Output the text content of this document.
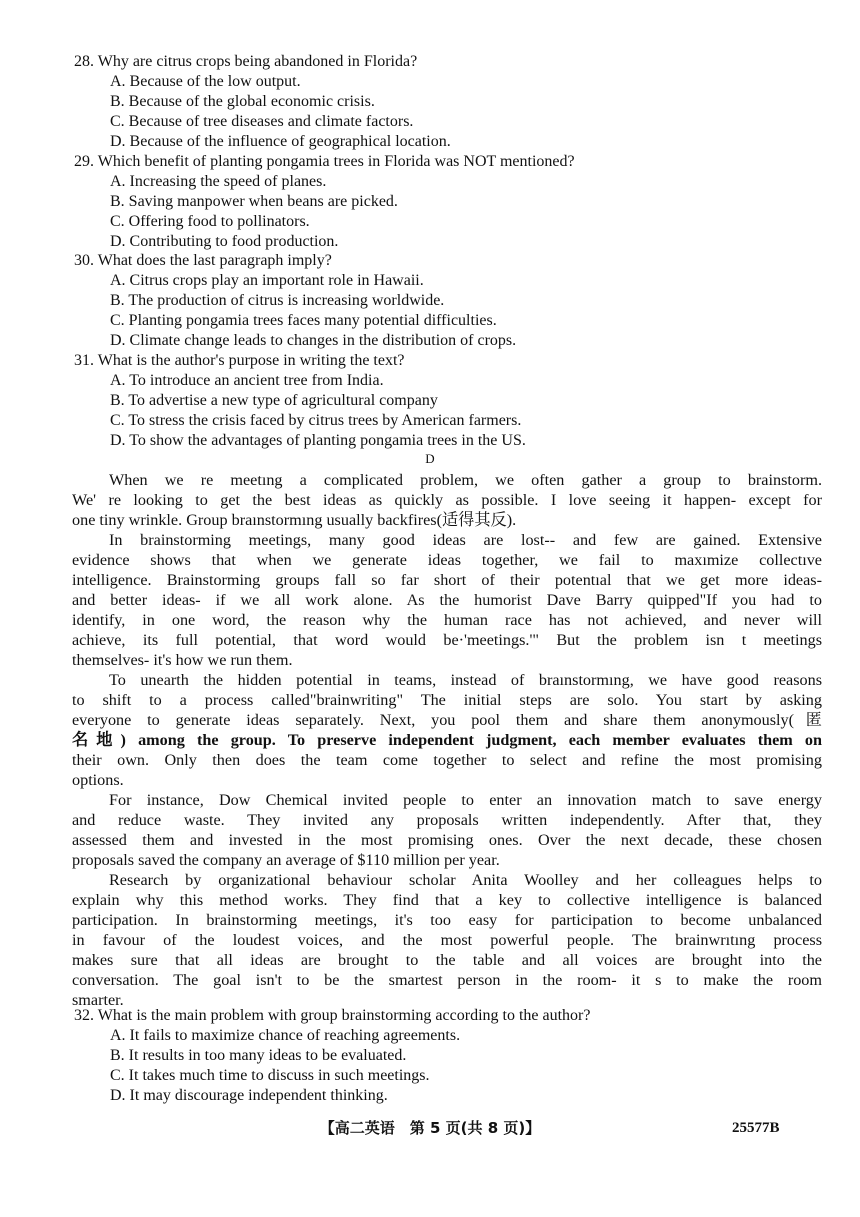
28. Why are citrus crops being abandoned in Florida?
A. Because of the low output.
B. Because of the global economic crisis.
C. Because of tree diseases and climate factors.
D. Because of the influence of geographical location.
29. Which benefit of planting pongamia trees in Florida was NOT mentioned?
A. Increasing the speed of planes.
B. Saving manpower when beans are picked.
C. Offering food to pollinators.
D. Contributing to food production.
30. What does the last paragraph imply?
A. Citrus crops play an important role in Hawaii.
B. The production of citrus is increasing worldwide.
C. Planting pongamia trees faces many potential difficulties.
D. Climate change leads to changes in the distribution of crops.
31. What is the author's purpose in writing the text?
A. To introduce an ancient tree from India.
B. To advertise a new type of agricultural company
C. To stress the crisis faced by citrus trees by American farmers.
D. To show the advantages of planting pongamia trees in the US.
D
When we re meetıng a complicated problem, we often gather a group to brainstorm.
We' re looking to get the best ideas as quickly as possible. I love seeing it happen- except for
one tiny wrinkle. Group braınstormıng usually backfires(适得其反).
In brainstorming meetings, many good ideas are lost-- and few are gained. Extensive
evidence shows that when we generate ideas together, we fail to maxımize collectıve
intelligence. Brainstorming groups fall so far short of their potentıal that we get more ideas-
and better ideas- if we all work alone. As the humorist Dave Barry quipped"If you had to
identify, in one word, the reason why the human race has not achieved, and never will
achieve, its full potential, that word would be·'meetings.'" But the problem isn t meetings
themselves- it's how we run them.
To unearth the hidden potential in teams, instead of braınstormıng, we have good reasons
to shift to a process called"brainwriting" The initial steps are solo. You start by asking
everyone to generate ideas separately. Next, you pool them and share them anonymously(匿
名地) among the group. To preserve independent judgment, each member evaluates them on
their own. Only then does the team come together to select and refine the most promising
options.
For instance, Dow Chemical invited people to enter an innovation match to save energy
and reduce waste. They invited any proposals written independently. After that, they
assessed them and invested in the most promising ones. Over the next decade, these chosen
proposals saved the company an average of $110 million per year.
Research by organizational behaviour scholar Anita Woolley and her colleagues helps to
explain why this method works. They find that a key to collective intelligence is balanced
participation. In brainstorming meetings, it's too easy for participation to become unbalanced
in favour of the loudest voices, and the most powerful people. The brainwrıtıng process
makes sure that all ideas are brought to the table and all voices are brought into the
conversation. The goal isn't to be the smartest person in the room- it s to make the room
smarter.
32. What is the main problem with group brainstorming according to the author?
A. It fails to maximize chance of reaching agreements.
B. It results in too many ideas to be evaluated.
C. It takes much time to discuss in such meetings.
D. It may discourage independent thinking.
【高二英语　第 5 页(共 8 页)】	25577B
